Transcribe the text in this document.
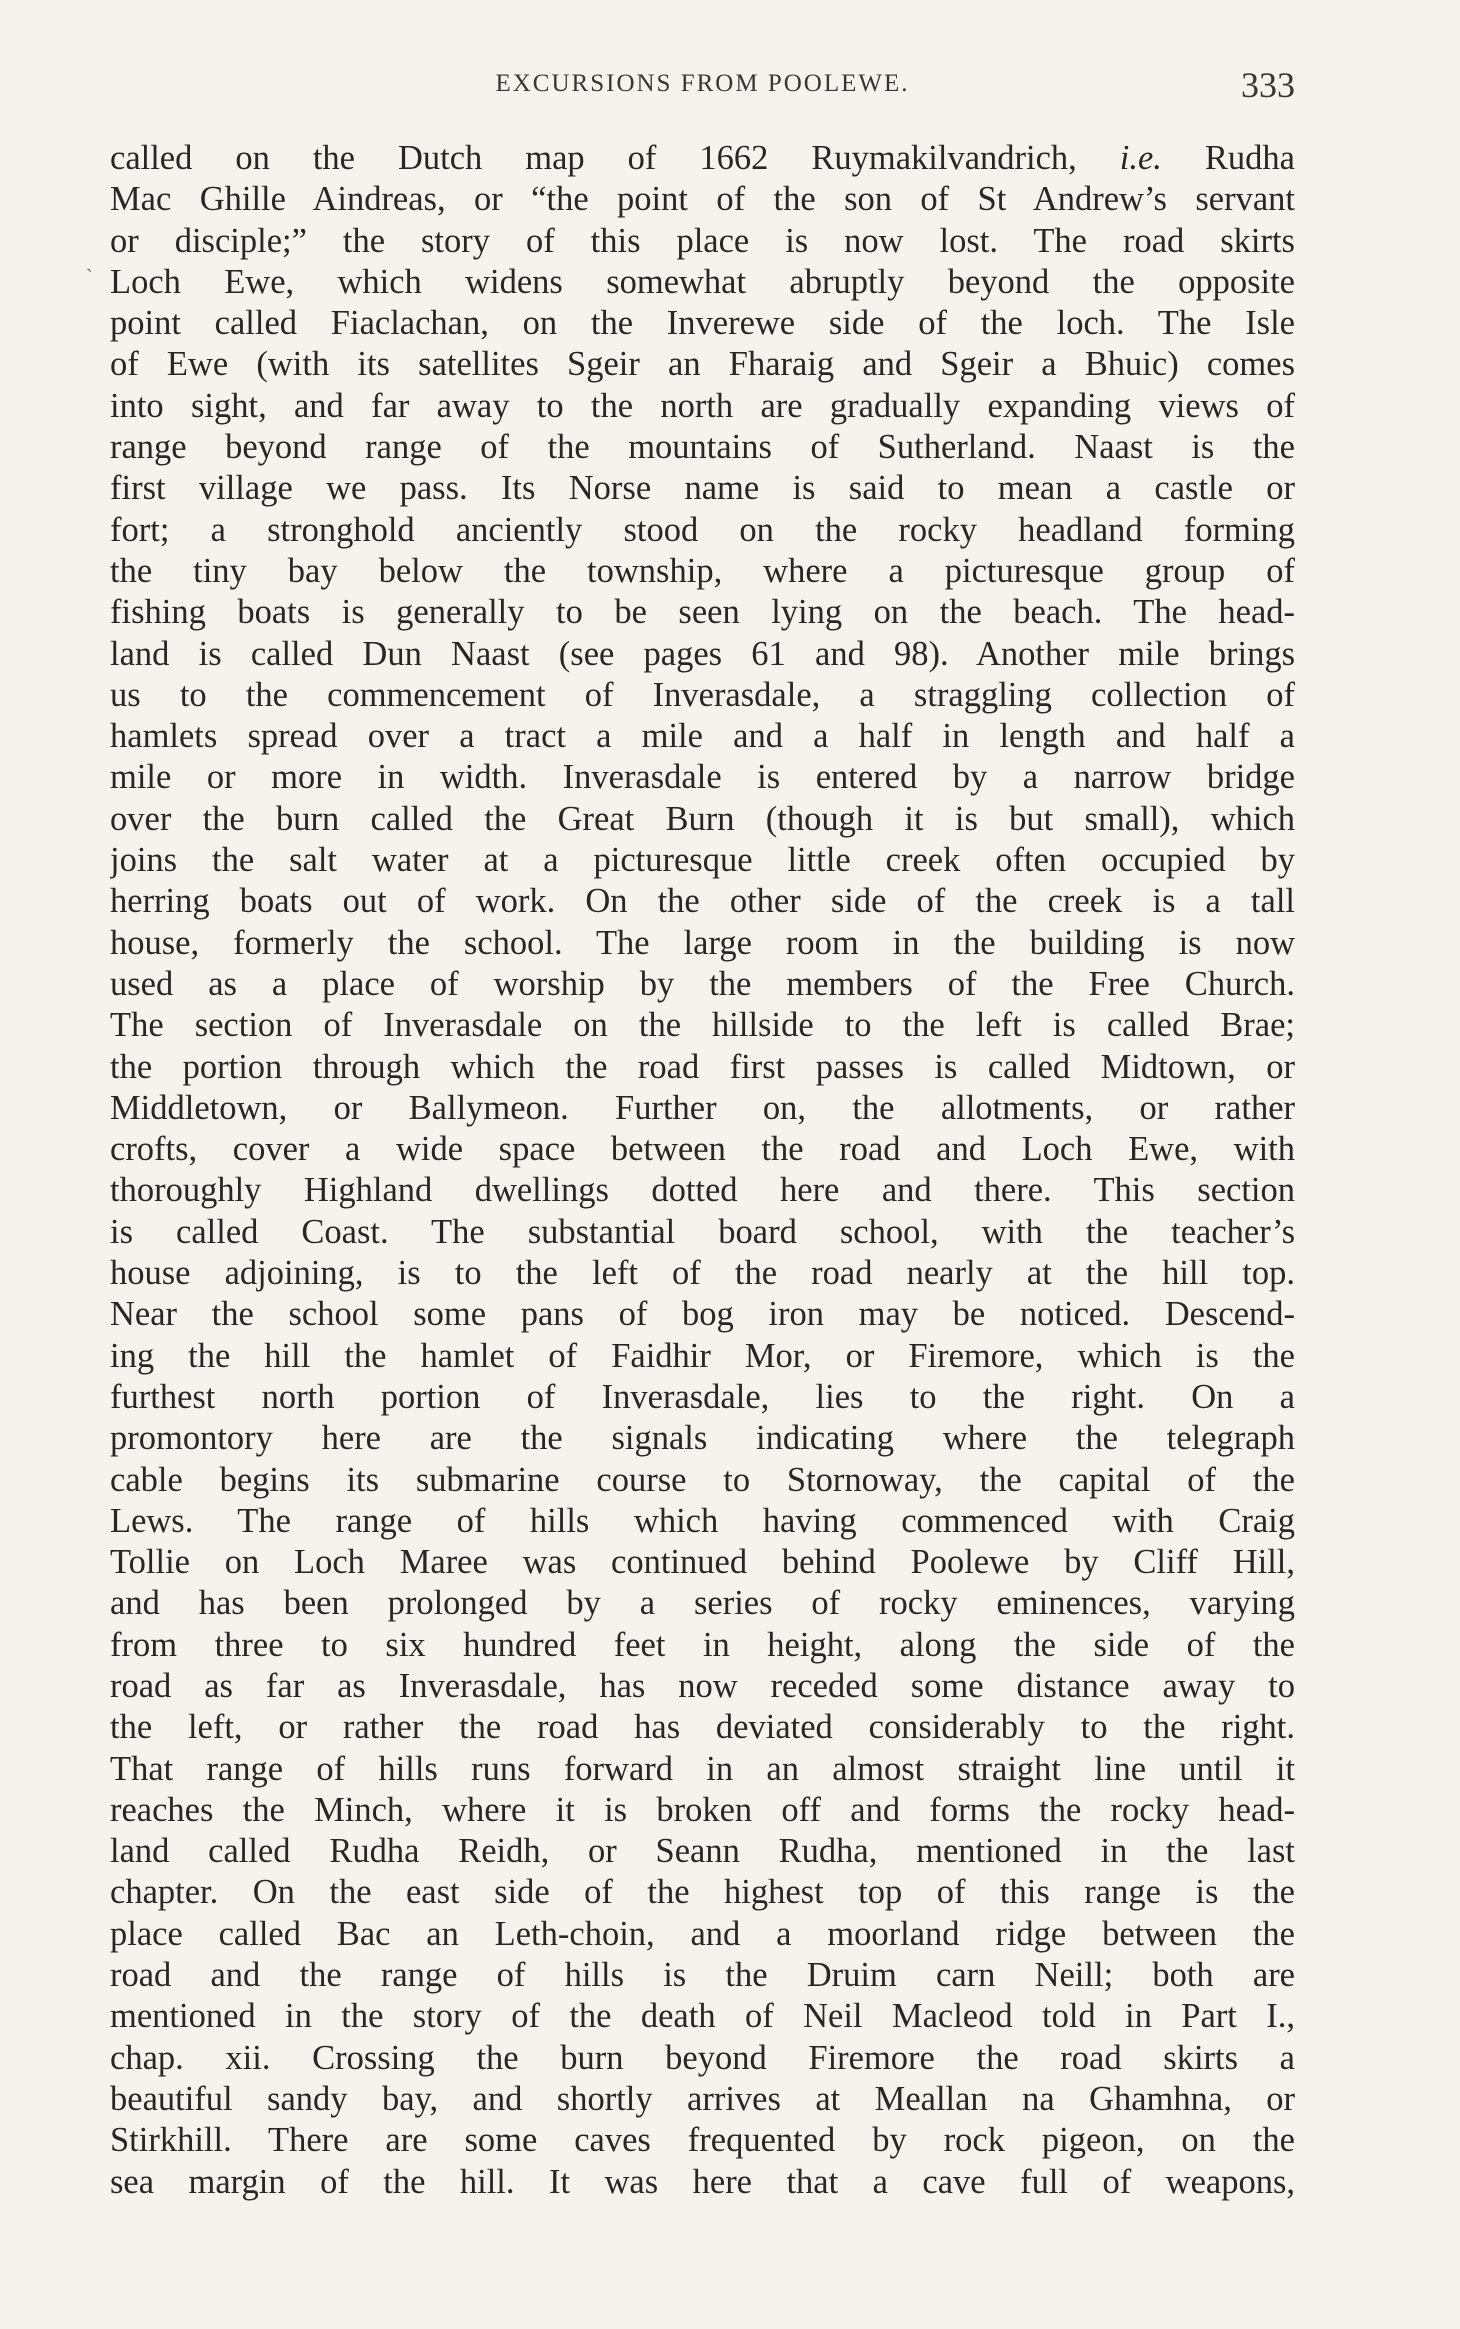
EXCURSIONS FROM POOLEWE.	333
ˋ
called on the Dutch map of 1662 Ruymakilvandrich, i.e. Rudha
Mac Ghille Aindreas, or “the point of the son of St Andrew’s servant
or disciple;” the story of this place is now lost. The road skirts
Loch Ewe, which widens somewhat abruptly beyond the opposite
point called Fiaclachan, on the Inverewe side of the loch. The Isle
of Ewe (with its satellites Sgeir an Fharaig and Sgeir a Bhuic) comes
into sight, and far away to the north are gradually expanding views of
range beyond range of the mountains of Sutherland. Naast is the
first village we pass. Its Norse name is said to mean a castle or
fort; a stronghold anciently stood on the rocky headland forming
the tiny bay below the township, where a picturesque group of
fishing boats is generally to be seen lying on the beach. The head-
land is called Dun Naast (see pages 61 and 98). Another mile brings
us to the commencement of Inverasdale, a straggling collection of
hamlets spread over a tract a mile and a half in length and half a
mile or more in width. Inverasdale is entered by a narrow bridge
over the burn called the Great Burn (though it is but small), which
joins the salt water at a picturesque little creek often occupied by
herring boats out of work. On the other side of the creek is a tall
house, formerly the school. The large room in the building is now
used as a place of worship by the members of the Free Church.
The section of Inverasdale on the hillside to the left is called Brae;
the portion through which the road first passes is called Midtown, or
Middletown, or Ballymeon. Further on, the allotments, or rather
crofts, cover a wide space between the road and Loch Ewe, with
thoroughly Highland dwellings dotted here and there. This section
is called Coast. The substantial board school, with the teacher’s
house adjoining, is to the left of the road nearly at the hill top.
Near the school some pans of bog iron may be noticed. Descend-
ing the hill the hamlet of Faidhir Mor, or Firemore, which is the
furthest north portion of Inverasdale, lies to the right. On a
promontory here are the signals indicating where the telegraph
cable begins its submarine course to Stornoway, the capital of the
Lews. The range of hills which having commenced with Craig
Tollie on Loch Maree was continued behind Poolewe by Cliff Hill,
and has been prolonged by a series of rocky eminences, varying
from three to six hundred feet in height, along the side of the
road as far as Inverasdale, has now receded some distance away to
the left, or rather the road has deviated considerably to the right.
That range of hills runs forward in an almost straight line until it
reaches the Minch, where it is broken off and forms the rocky head-
land called Rudha Reidh, or Seann Rudha, mentioned in the last
chapter. On the east side of the highest top of this range is the
place called Bac an Leth-choin, and a moorland ridge between the
road and the range of hills is the Druim carn Neill; both are
mentioned in the story of the death of Neil Macleod told in Part I.,
chap. xii. Crossing the burn beyond Firemore the road skirts a
beautiful sandy bay, and shortly arrives at Meallan na Ghamhna, or
Stirkhill. There are some caves frequented by rock pigeon, on the
sea margin of the hill. It was here that a cave full of weapons,
